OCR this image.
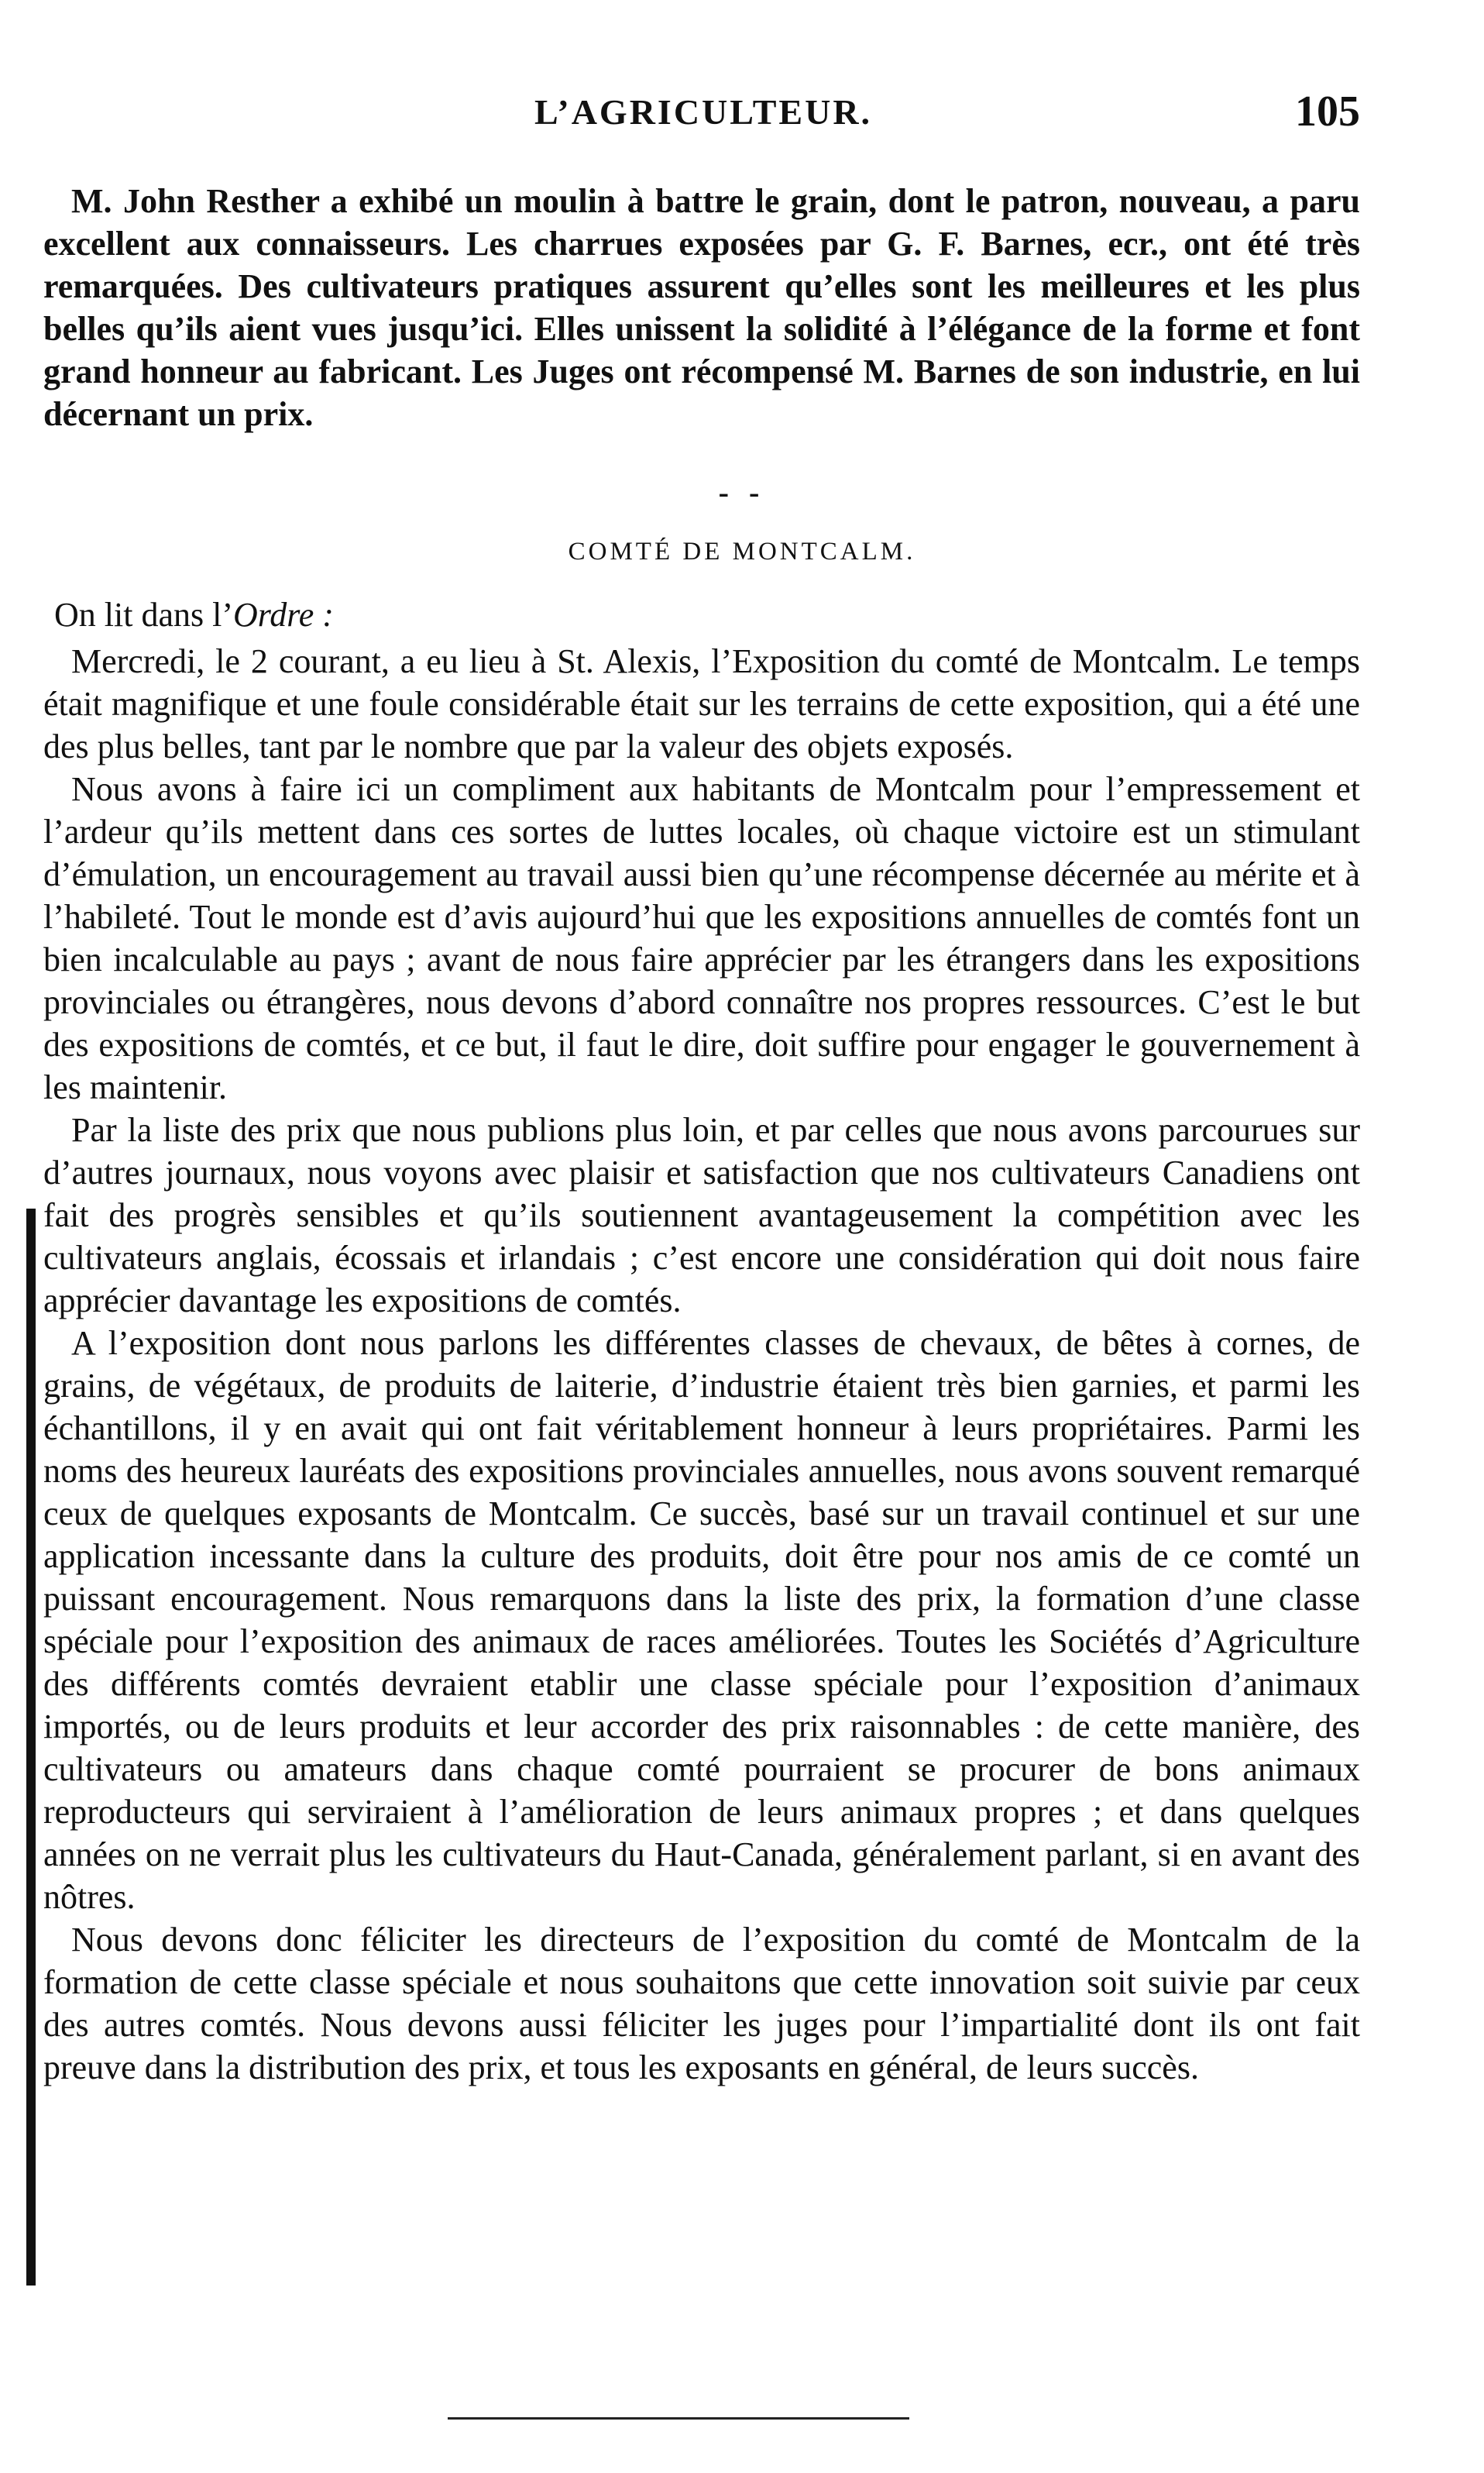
L’AGRICULTEUR.	105

M. John Resther a exhibé un moulin à battre le grain, dont le patron, nouveau, a paru excellent aux connaisseurs. Les charrues exposées par G. F. Barnes, ecr., ont été très remarquées. Des cultivateurs pratiques assurent qu’elles sont les meilleures et les plus belles qu’ils aient vues jusqu’ici. Elles unissent la solidité à l’élégance de la forme et font grand honneur au fabricant. Les Juges ont récompensé M. Barnes de son industrie, en lui décernant un prix.

- -
COMTÉ DE MONTCALM.
On lit dans l’Ordre :

Mercredi, le 2 courant, a eu lieu à St. Alexis, l’Exposition du comté de Montcalm. Le temps était magnifique et une foule considérable était sur les terrains de cette exposition, qui a été une des plus belles, tant par le nombre que par la valeur des objets exposés.

Nous avons à faire ici un compliment aux habitants de Montcalm pour l’empressement et l’ardeur qu’ils mettent dans ces sortes de luttes locales, où chaque victoire est un stimulant d’émulation, un encouragement au travail aussi bien qu’une récompense décernée au mérite et à l’habileté. Tout le monde est d’avis aujourd’hui que les expositions annuelles de comtés font un bien incalculable au pays ; avant de nous faire apprécier par les étrangers dans les expositions provinciales ou étrangères, nous devons d’abord connaître nos propres ressources. C’est le but des expositions de comtés, et ce but, il faut le dire, doit suffire pour engager le gouvernement à les maintenir.

Par la liste des prix que nous publions plus loin, et par celles que nous avons parcourues sur d’autres journaux, nous voyons avec plaisir et satisfaction que nos cultivateurs Canadiens ont fait des progrès sensibles et qu’ils soutiennent avantageusement la compétition avec les cultivateurs anglais, écossais et irlandais ; c’est encore une considération qui doit nous faire apprécier davantage les expositions de comtés.

A l’exposition dont nous parlons les différentes classes de chevaux, de bêtes à cornes, de grains, de végétaux, de produits de laiterie, d’industrie étaient très bien garnies, et parmi les échantillons, il y en avait qui ont fait véritablement honneur à leurs propriétaires. Parmi les noms des heureux lauréats des expositions provinciales annuelles, nous avons souvent remarqué ceux de quelques exposants de Montcalm. Ce succès, basé sur un travail continuel et sur une application incessante dans la culture des produits, doit être pour nos amis de ce comté un puissant encouragement. Nous remarquons dans la liste des prix, la formation d’une classe spéciale pour l’exposition des animaux de races améliorées. Toutes les Sociétés d’Agriculture des différents comtés devraient etablir une classe spéciale pour l’exposition d’animaux importés, ou de leurs produits et leur accorder des prix raisonnables : de cette manière, des cultivateurs ou amateurs dans chaque comté pourraient se procurer de bons animaux reproducteurs qui serviraient à l’amélioration de leurs animaux propres ; et dans quelques années on ne verrait plus les cultivateurs du Haut-Canada, généralement parlant, si en avant des nôtres.

Nous devons donc féliciter les directeurs de l’exposition du comté de Montcalm de la formation de cette classe spéciale et nous souhaitons que cette innovation soit suivie par ceux des autres comtés. Nous devons aussi féliciter les juges pour l’impartialité dont ils ont fait preuve dans la distribution des prix, et tous les exposants en général, de leurs succès.
